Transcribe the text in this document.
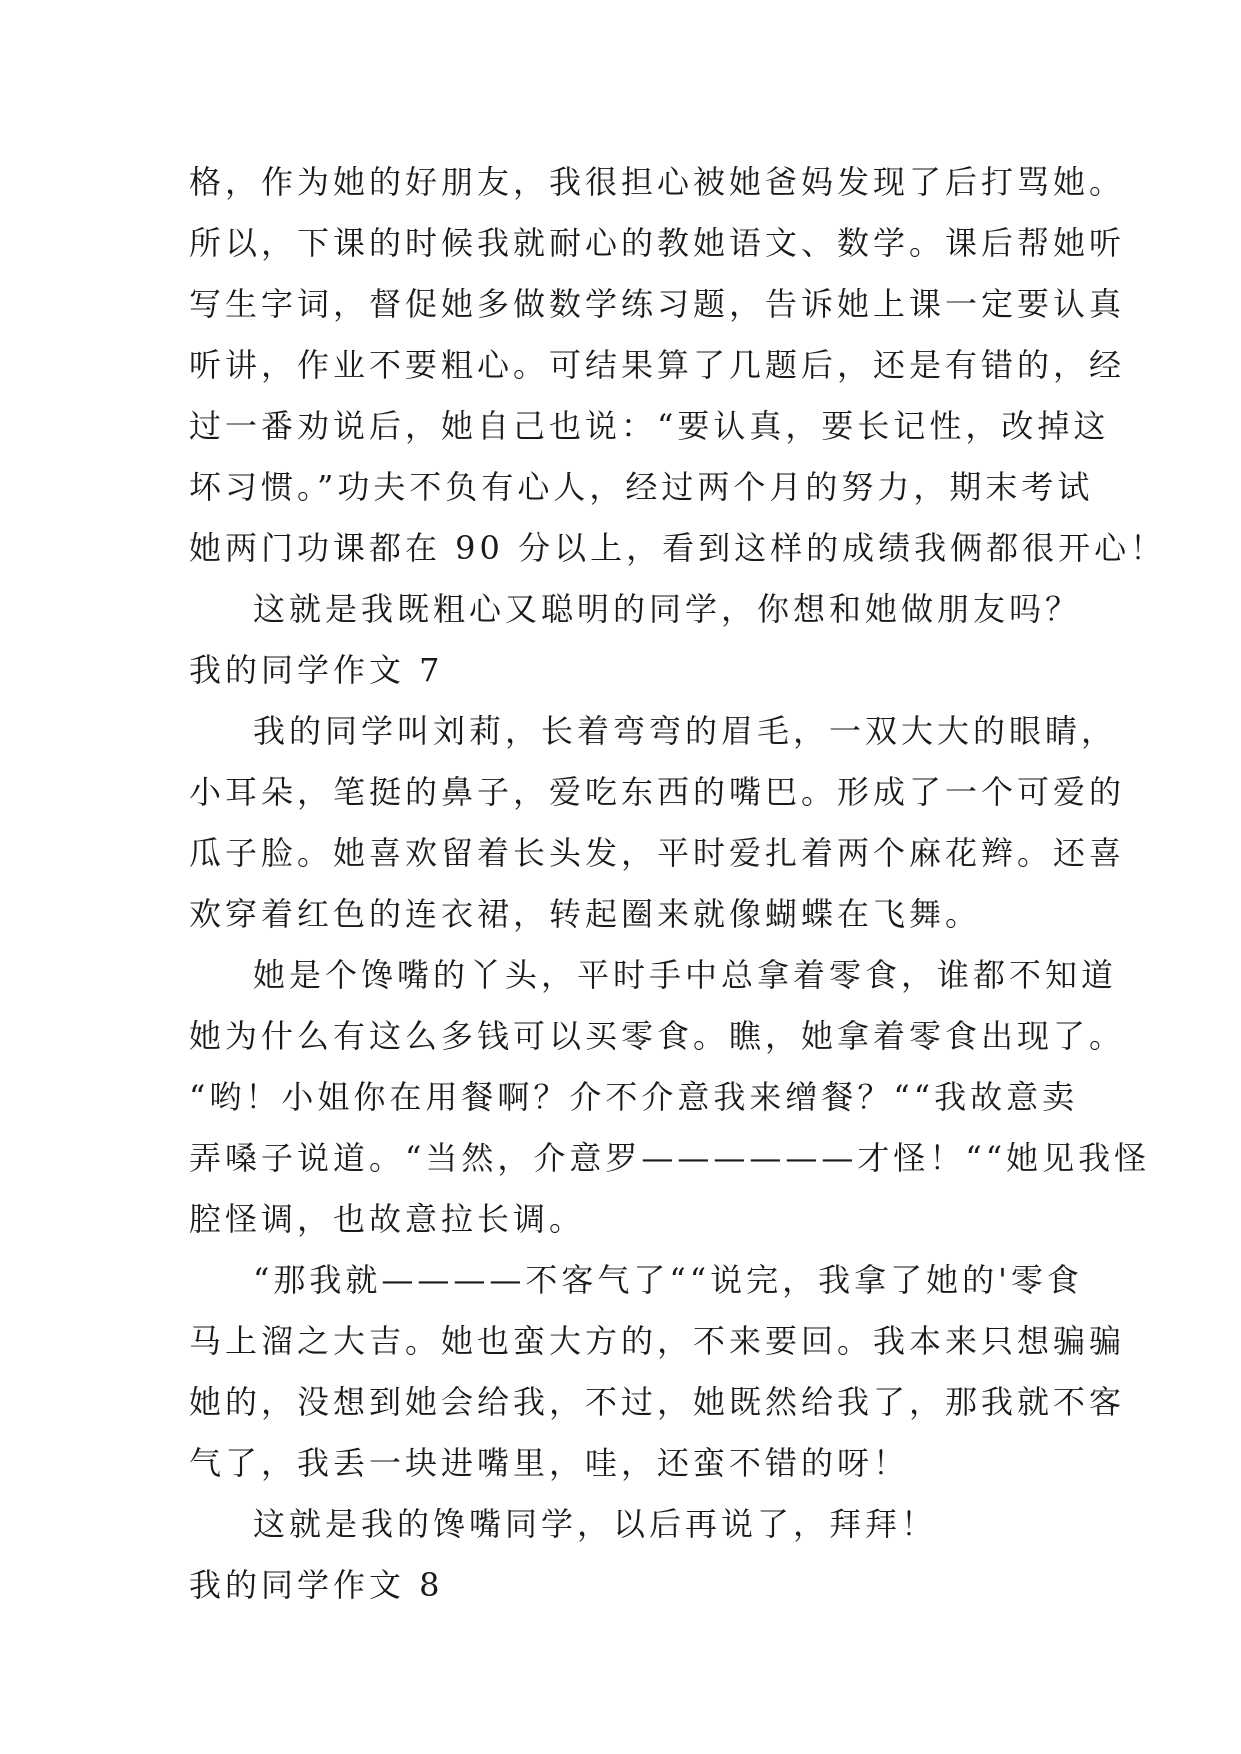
格，作为她的好朋友，我很担心被她爸妈发现了后打骂她。
所以，下课的时候我就耐心的教她语文、数学。课后帮她听
写生字词，督促她多做数学练习题，告诉她上课一定要认真
听讲，作业不要粗心。可结果算了几题后，还是有错的，经
过一番劝说后，她自己也说：“要认真，要长记性，改掉这
坏习惯。”功夫不负有心人，经过两个月的努力，期末考试
她两门功课都在 90 分以上，看到这样的成绩我俩都很开心！
这就是我既粗心又聪明的同学，你想和她做朋友吗？
我的同学作文 7
我的同学叫刘莉，长着弯弯的眉毛，一双大大的眼睛，
小耳朵，笔挺的鼻子，爱吃东西的嘴巴。形成了一个可爱的
瓜子脸。她喜欢留着长头发，平时爱扎着两个麻花辫。还喜
欢穿着红色的连衣裙，转起圈来就像蝴蝶在飞舞。
她是个馋嘴的丫头，平时手中总拿着零食，谁都不知道
她为什么有这么多钱可以买零食。瞧，她拿着零食出现了。
“哟！小姐你在用餐啊？介不介意我来缯餐？““我故意卖
弄嗓子说道。“当然，介意罗——————才怪！““她见我怪
腔怪调，也故意拉长调。
“那我就————不客气了““说完，我拿了她的'零食
马上溜之大吉。她也蛮大方的，不来要回。我本来只想骗骗
她的，没想到她会给我，不过，她既然给我了，那我就不客
气了，我丢一块进嘴里，哇，还蛮不错的呀！
这就是我的馋嘴同学，以后再说了，拜拜！
我的同学作文 8
